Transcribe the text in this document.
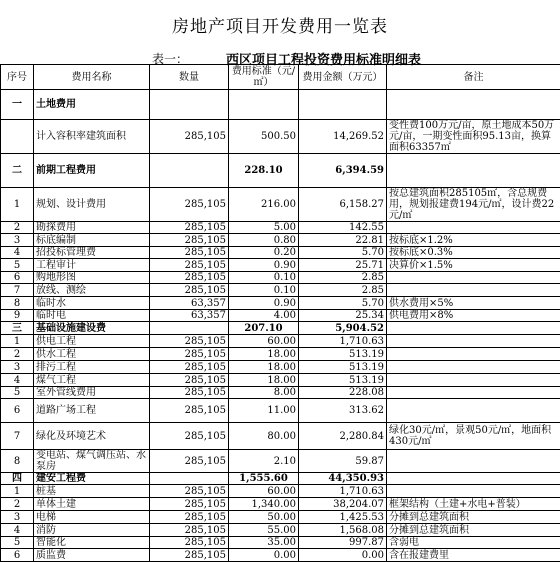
房地产项目开发费用一览表
表一：	西区项目工程投资费用标准明细表
序号	费用名称	数量	费用标准（元/㎡）	费用金额（万元）	备注
一	土地费用				
	计入容积率建筑面积	285,105	500.50	14,269.52	变性费100万元/亩，原土地成本50万元/亩，一期变性面积95.13亩，换算面积63357㎡
二	前期工程费用		228.10	6,394.59	
1	规划、设计费用	285,105	216.00	6,158.27	按总建筑面积285105㎡，含总规费用，规划报建费194元/㎡，设计费22元/㎡
2	勘探费用	285,105	5.00	142.55	
3	标底编制	285,105	0.80	22.81	按标底×1.2%
4	招投标管理费	285,105	0.20	5.70	按标底×0.3%
5	工程审计	285,105	0.90	25.71	决算价×1.5%
6	购地形图	285,105	0.10	2.85	
7	放线、测绘	285,105	0.10	2.85	
8	临时水	63,357	0.90	5.70	供水费用×5%
9	临时电	63,357	4.00	25.34	供电费用×8%
三	基础设施建设费		207.10	5,904.52	
1	供电工程	285,105	60.00	1,710.63	
2	供水工程	285,105	18.00	513.19	
3	排污工程	285,105	18.00	513.19	
4	煤气工程	285,105	18.00	513.19	
5	室外管线费用	285,105	8.00	228.08	
6	道路广场工程	285,105	11.00	313.62	
7	绿化及环境艺术	285,105	80.00	2,280.84	绿化30元/㎡，景观50元/㎡，地面积430元/㎡
8	变电站、煤气调压站、水泵房	285,105	2.10	59.87	
四	建安工程费		1,555.60	44,350.93	
1	桩基	285,105	60.00	1,710.63	
2	单体土建	285,105	1,340.00	38,204.07	框架结构（土建+水电+普装）
3	电梯	285,105	50.00	1,425.53	分摊到总建筑面积
4	消防	285,105	55.00	1,568.08	分摊到总建筑面积
5	智能化	285,105	35.00	997.87	含弱电
6	质监费	285,105	0.00	0.00	含在报建费里
